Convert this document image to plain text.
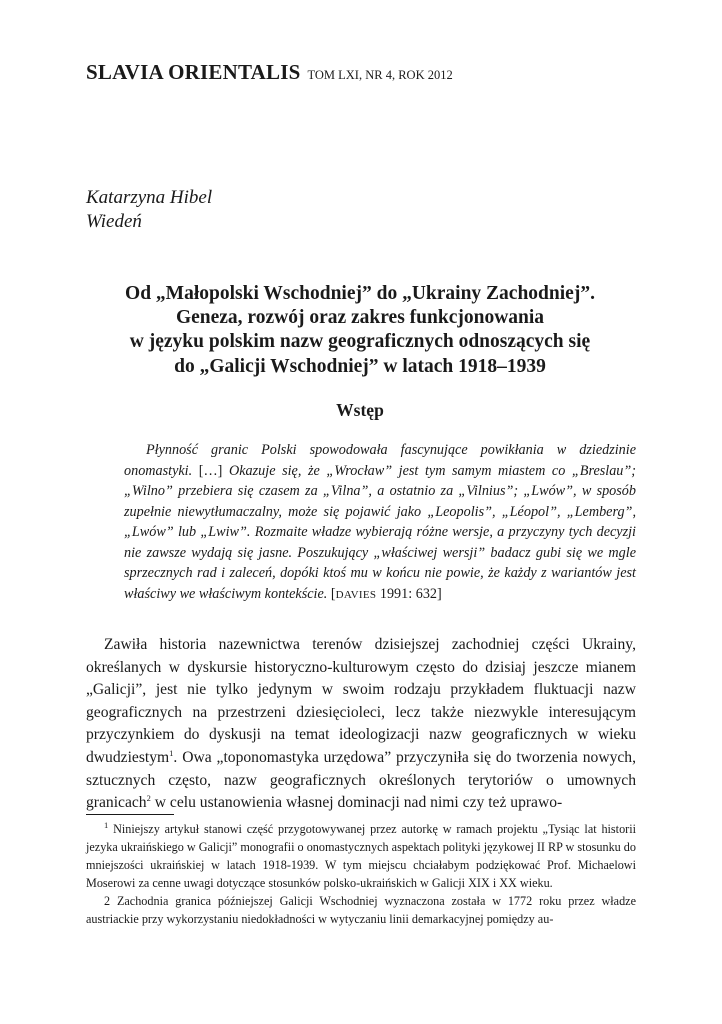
SLAVIA ORIENTALIS TOM LXI, NR 4, ROK 2012
Katarzyna Hibel
Wiedeń
Od „Małopolski Wschodniej” do „Ukrainy Zachodniej”.
Geneza, rozwój oraz zakres funkcjonowania
w języku polskim nazw geograficznych odnoszących się
do „Galicji Wschodniej” w latach 1918–1939
Wstęp
Płynność granic Polski spowodowała fascynujące powikłania w dziedzinie onomastyki. […] Okazuje się, że „Wrocław” jest tym samym miastem co „Breslau”; „Wilno” przebiera się czasem za „Vilna”, a ostatnio za „Vilnius”; „Lwów”, w sposób zupełnie niewytłumaczalny, może się pojawić jako „Leopolis”, „Léopol”, „Lemberg”, „Lwów” lub „Lwiw”. Rozmaite władze wybierają różne wersje, a przyczyny tych decyzji nie zawsze wydają się jasne. Poszukujący „właściwej wersji” badacz gubi się we mgle sprzecznych rad i zaleceń, dopóki ktoś mu w końcu nie powie, że każdy z wariantów jest właściwy we właściwym kontekście. [DAVIES 1991: 632]
Zawiła historia nazewnictwa terenów dzisiejszej zachodniej części Ukrainy, określanych w dyskursie historyczno-kulturowym często do dzisiaj jeszcze mianem „Galicji”, jest nie tylko jedynym w swoim rodzaju przykładem fluktuacji nazw geograficznych na przestrzeni dziesięcioleci, lecz także niezwykle interesującym przyczynkiem do dyskusji na temat ideologizacji nazw geograficznych w wieku dwudziestym$^1$. Owa „toponomastyka urzędowa” przyczyniła się do tworzenia nowych, sztucznych często, nazw geograficznych określonych terytoriów o umownych granicach$^2$ w celu ustanowienia własnej dominacji nad nimi czy też uprawo-
$^1$ Niniejszy artykuł stanowi część przygotowywanej przez autorkę w ramach projektu „Tysiąc lat historii jezyka ukraińskiego w Galicji” monografii o onomastycznych aspektach polityki językowej II RP w stosunku do mniejszości ukraińskiej w latach 1918-1939. W tym miejscu chciałabym podziękować Prof. Michaelowi Moserowi za cenne uwagi dotyczące stosunków polsko-ukraińskich w Galicji XIX i XX wieku.
2 Zachodnia granica późniejszej Galicji Wschodniej wyznaczona została w 1772 roku przez władze austriackie przy wykorzystaniu niedokładności w wytyczaniu linii demarkacyjnej pomiędzy au-
